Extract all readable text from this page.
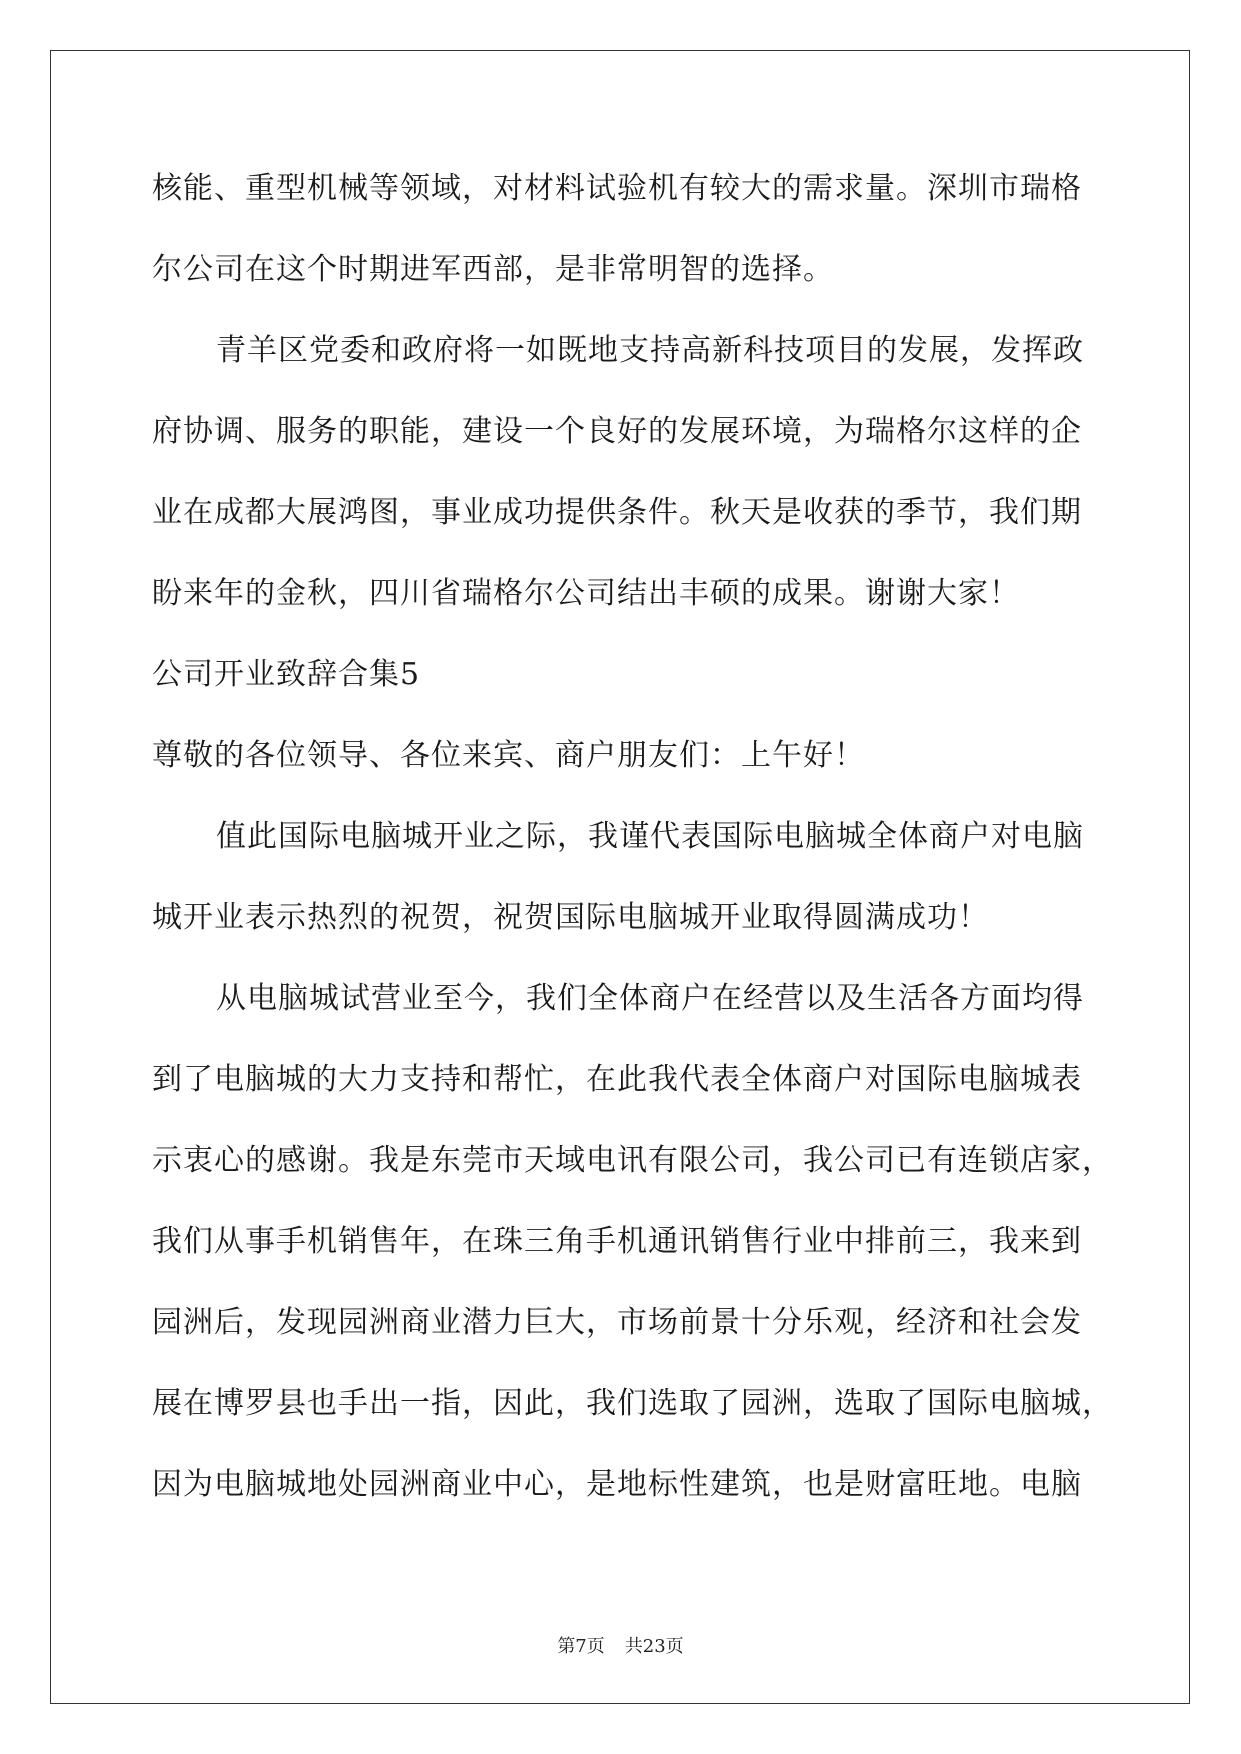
核能、重型机械等领域，对材料试验机有较大的需求量。深圳市瑞格
尔公司在这个时期进军西部，是非常明智的选择。
青羊区党委和政府将一如既地支持高新科技项目的发展，发挥政
府协调、服务的职能，建设一个良好的发展环境，为瑞格尔这样的企
业在成都大展鸿图，事业成功提供条件。秋天是收获的季节，我们期
盼来年的金秋，四川省瑞格尔公司结出丰硕的成果。谢谢大家！
公司开业致辞合集5
尊敬的各位领导、各位来宾、商户朋友们：上午好！
值此国际电脑城开业之际，我谨代表国际电脑城全体商户对电脑
城开业表示热烈的祝贺，祝贺国际电脑城开业取得圆满成功！
从电脑城试营业至今，我们全体商户在经营以及生活各方面均得
到了电脑城的大力支持和帮忙，在此我代表全体商户对国际电脑城表
示衷心的感谢。我是东莞市天域电讯有限公司，我公司已有连锁店家，
我们从事手机销售年，在珠三角手机通讯销售行业中排前三，我来到
园洲后，发现园洲商业潜力巨大，市场前景十分乐观，经济和社会发
展在博罗县也手出一指，因此，我们选取了园洲，选取了国际电脑城，
因为电脑城地处园洲商业中心，是地标性建筑，也是财富旺地。电脑
第7页 共23页
